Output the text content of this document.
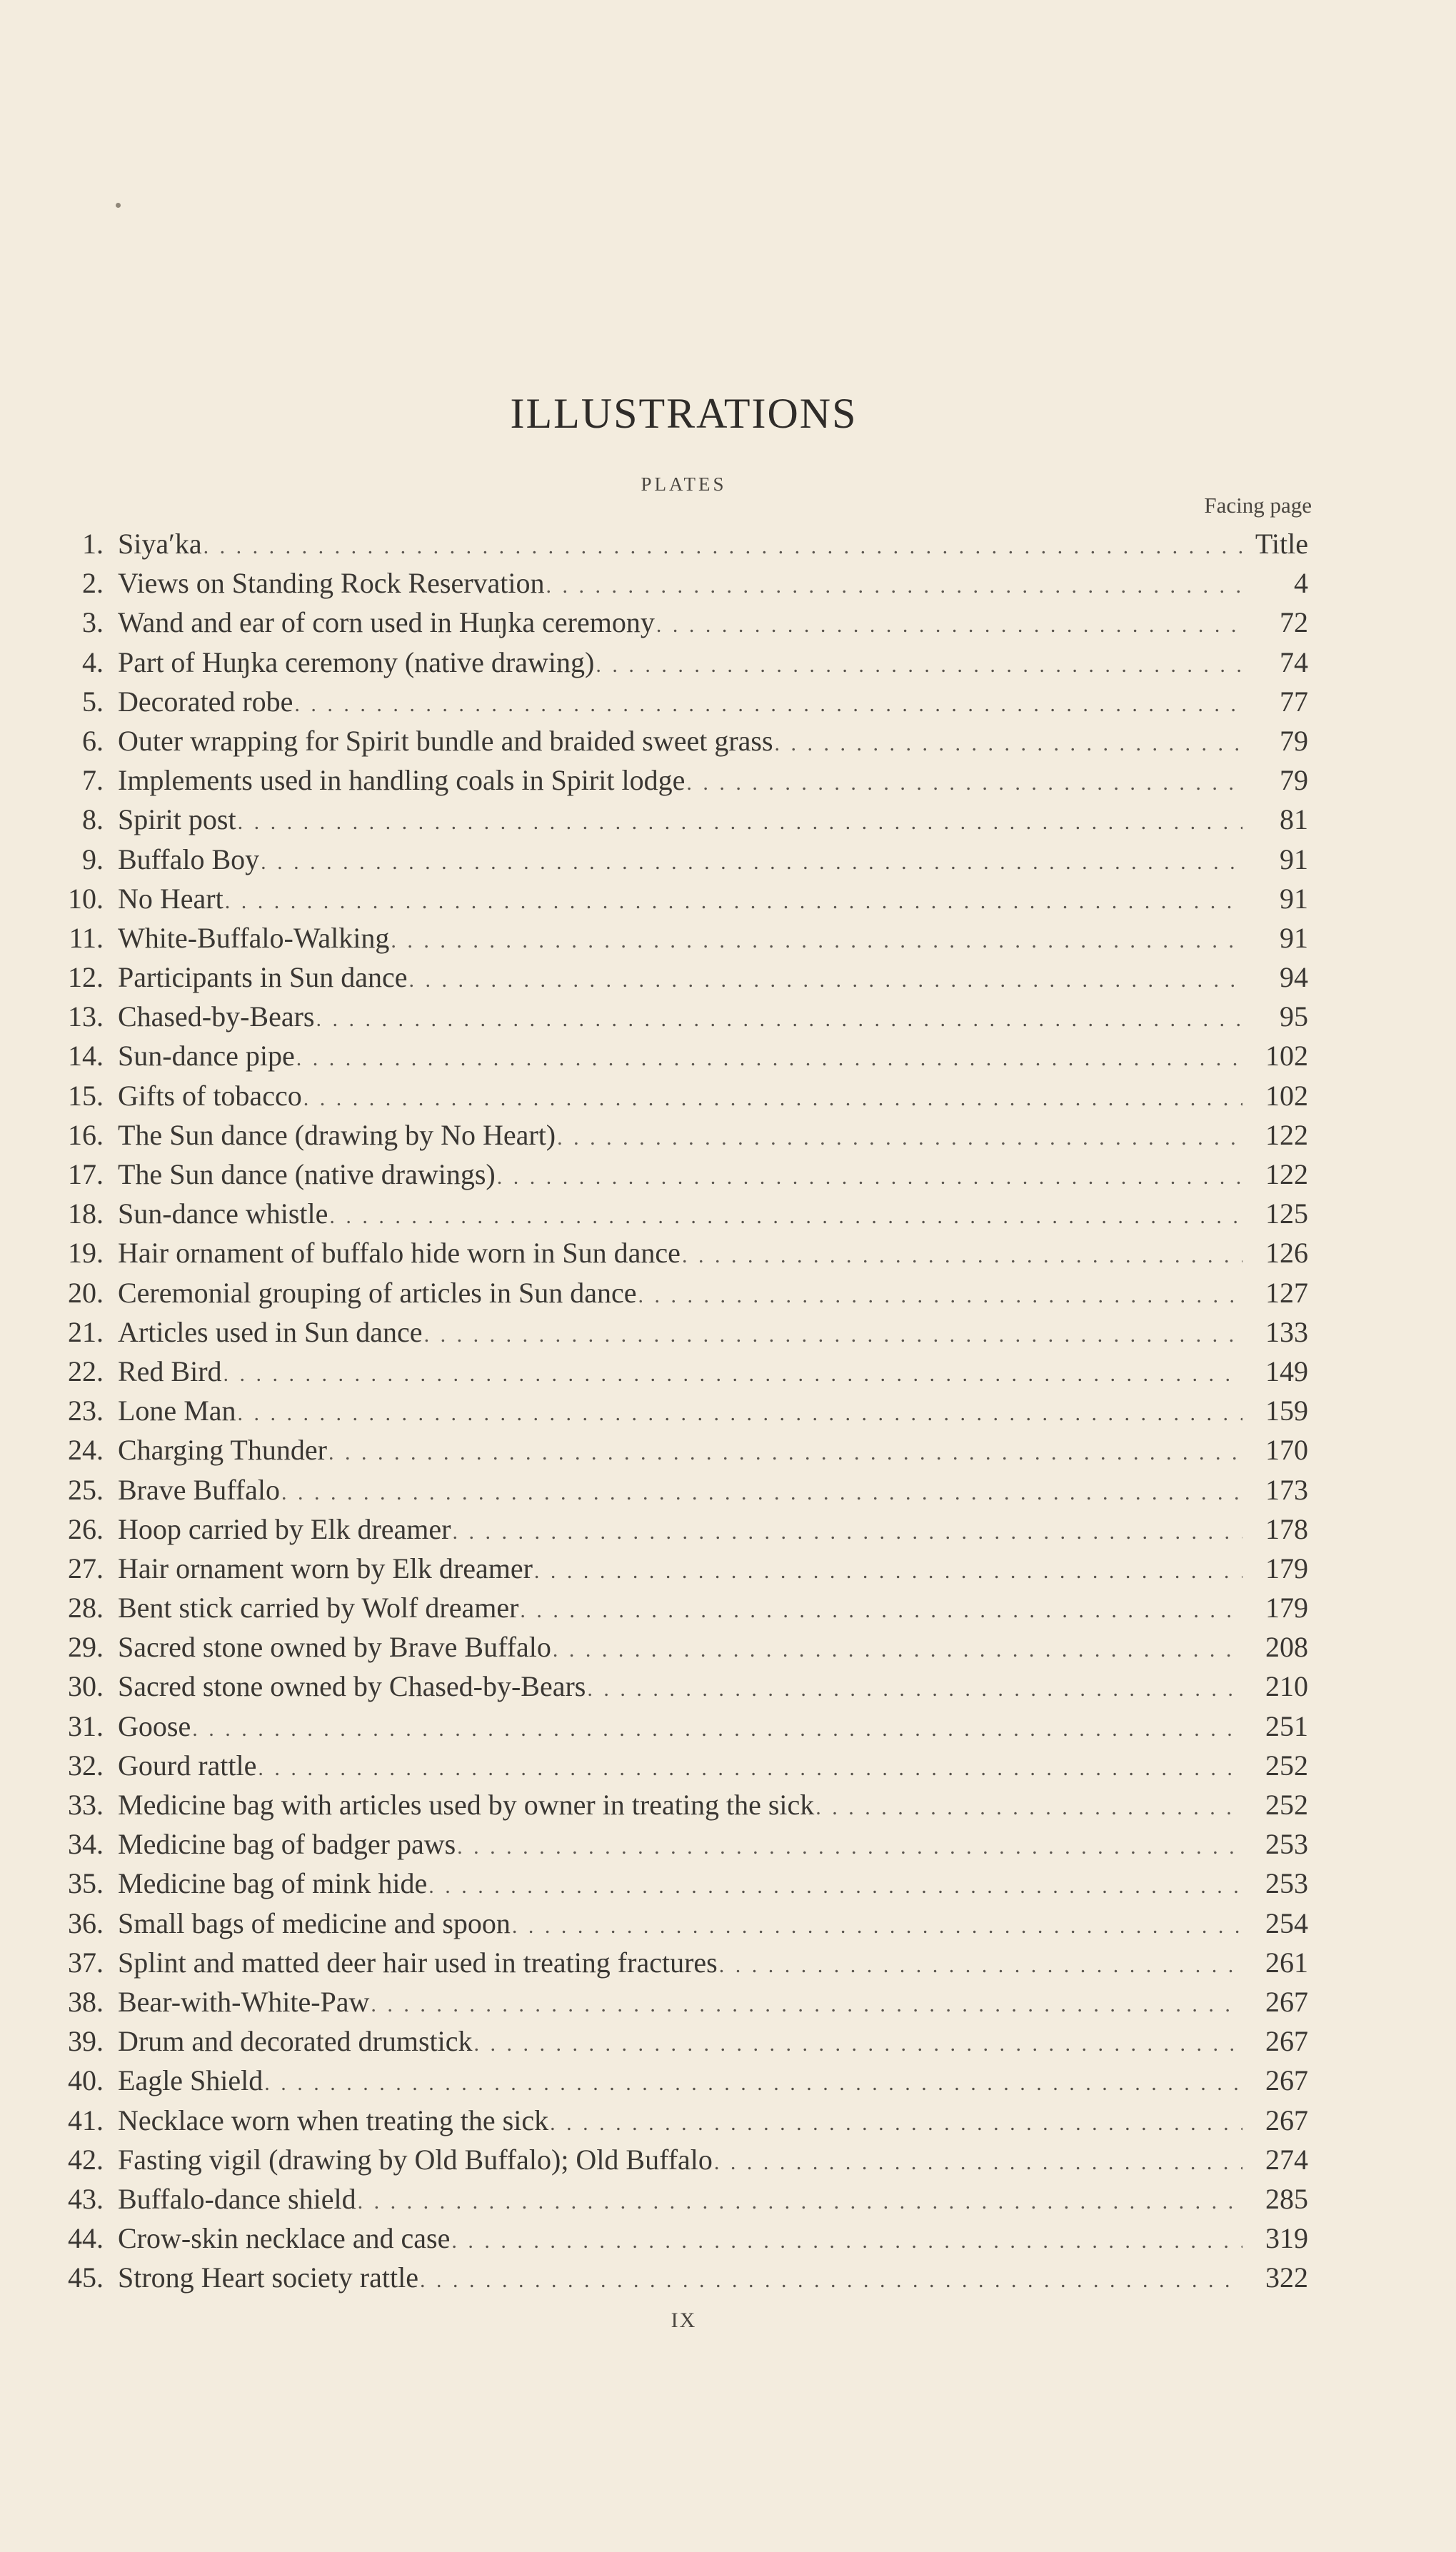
ILLUSTRATIONS
PLATES
Facing page
1. Siya′ka . . .	Title
2. Views on Standing Rock Reservation . . .	4
3. Wand and ear of corn used in Huŋka ceremony . . .	72
4. Part of Huŋka ceremony (native drawing) . . .	74
5. Decorated robe . . .	77
6. Outer wrapping for Spirit bundle and braided sweet grass . . .	79
7. Implements used in handling coals in Spirit lodge . . .	79
8. Spirit post . . .	81
9. Buffalo Boy . . .	91
10. No Heart . . .	91
11. White-Buffalo-Walking . . .	91
12. Participants in Sun dance . . .	94
13. Chased-by-Bears . . .	95
14. Sun-dance pipe . . .	102
15. Gifts of tobacco . . .	102
16. The Sun dance (drawing by No Heart) . . .	122
17. The Sun dance (native drawings) . . .	122
18. Sun-dance whistle . . .	125
19. Hair ornament of buffalo hide worn in Sun dance . . .	126
20. Ceremonial grouping of articles in Sun dance . . .	127
21. Articles used in Sun dance . . .	133
22. Red Bird . . .	149
23. Lone Man . . .	159
24. Charging Thunder . . .	170
25. Brave Buffalo . . .	173
26. Hoop carried by Elk dreamer . . .	178
27. Hair ornament worn by Elk dreamer . . .	179
28. Bent stick carried by Wolf dreamer . . .	179
29. Sacred stone owned by Brave Buffalo . . .	208
30. Sacred stone owned by Chased-by-Bears . . .	210
31. Goose . . .	251
32. Gourd rattle . . .	252
33. Medicine bag with articles used by owner in treating the sick . . .	252
34. Medicine bag of badger paws . . .	253
35. Medicine bag of mink hide . . .	253
36. Small bags of medicine and spoon . . .	254
37. Splint and matted deer hair used in treating fractures . . .	261
38. Bear-with-White-Paw . . .	267
39. Drum and decorated drumstick . . .	267
40. Eagle Shield . . .	267
41. Necklace worn when treating the sick . . .	267
42. Fasting vigil (drawing by Old Buffalo); Old Buffalo . . .	274
43. Buffalo-dance shield . . .	285
44. Crow-skin necklace and case . . .	319
45. Strong Heart society rattle . . .	322
IX
